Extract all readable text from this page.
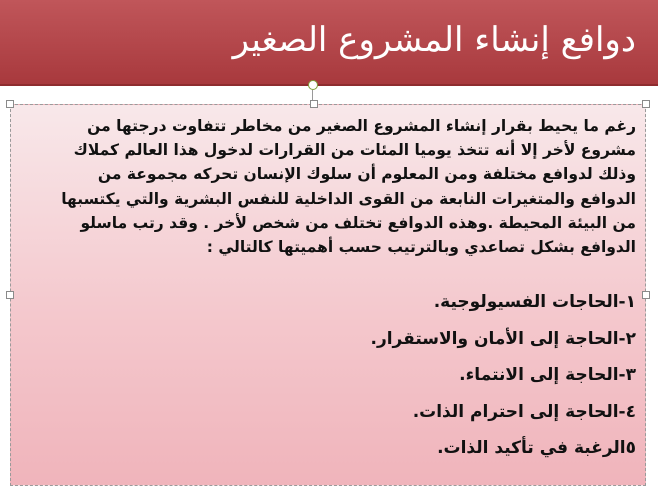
دوافع إنشاء المشروع الصغير
رغم ما يحيط بقرار إنشاء المشروع الصغير من مخاطر تتفاوت درجتها من
مشروع لأخر إلا أنه تتخذ يوميا المئات من القرارات لدخول هذا العالم كملاك
وذلك لدوافع مختلفة ومن المعلوم أن سلوك الإنسان تحركه مجموعة من
الدوافع والمتغيرات النابعة من القوى الداخلية للنفس البشرية والتي يكتسبها
من البيئة المحيطة .وهذه الدوافع تختلف من شخص لأخر . وقد رتب ماسلو
الدوافع بشكل تصاعدي وبالترتيب حسب أهميتها كالتالي :
١-الحاجات الفسيولوجية.
٢-الحاجة إلى الأمان والاستقرار.
٣-الحاجة إلى الانتماء.
٤-الحاجة إلى احترام الذات.
٥الرغبة في تأكيد الذات.
